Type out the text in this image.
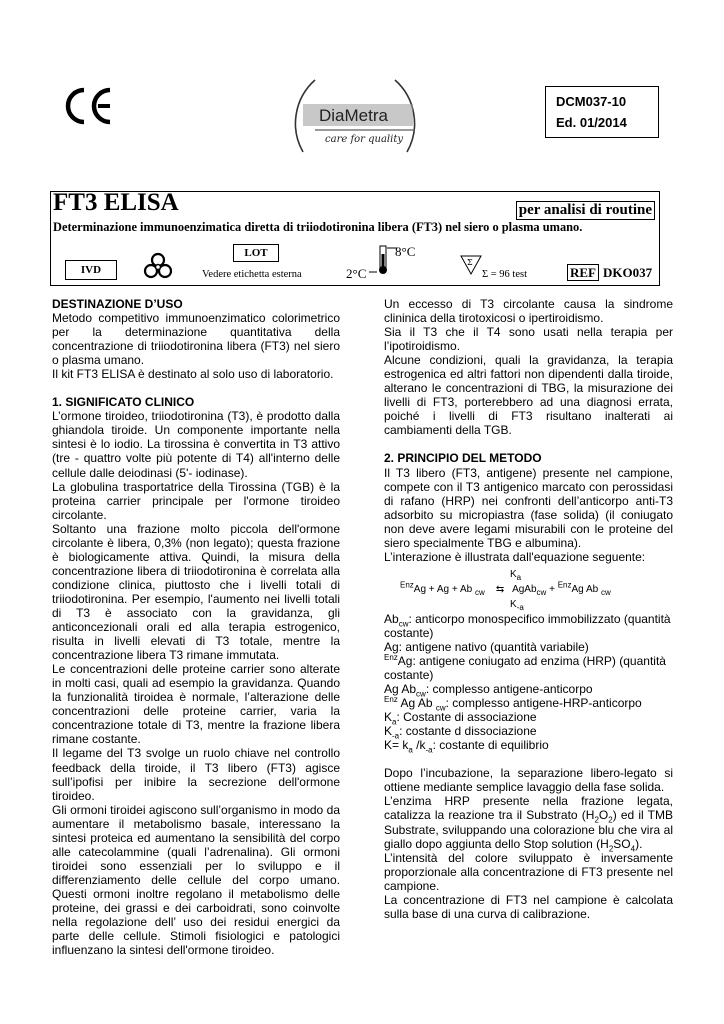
DiaMetra
care for quality
DCM037-10
Ed. 01/2014
FT3 ELISA	per analisi di routine
Determinazione immunoenzimatica diretta di triiodotironina libera (FT3) nel siero o plasma umano.
LOT
Vedere etichetta esterna
IVD
8°C
2°C
Σ
Σ = 96 test	REF DKO037

DESTINAZIONE D’USO

Metodo competitivo immunoenzimatico colorimetrico per la determinazione quantitativa della concentrazione di triiodotironina libera (FT3) nel siero o plasma umano.

Il kit FT3 ELISA è destinato al solo uso di laboratorio.

1. SIGNIFICATO CLINICO

L’ormone tiroideo, triiodotironina (T3), è prodotto dalla ghiandola tiroide. Un componente importante nella sintesi è lo iodio. La tirossina è convertita in T3 attivo (tre - quattro volte più potente di T4) all'interno delle cellule dalle deiodinasi (5'- iodinase).

La globulina trasportatrice della Tirossina (TGB) è la proteina carrier principale per l'ormone tiroideo circolante.

Soltanto una frazione molto piccola dell'ormone circolante è libera, 0,3% (non legato); questa frazione è biologicamente attiva. Quindi, la misura della concentrazione libera di triiodotironina è correlata alla condizione clinica, piuttosto che i livelli totali di triiodotironina. Per esempio, l'aumento nei livelli totali di T3 è associato con la gravidanza, gli anticoncezionali orali ed alla terapia estrogenico, risulta in livelli elevati di T3 totale, mentre la concentrazione libera T3 rimane immutata.

Le concentrazioni delle proteine carrier sono alterate in molti casi, quali ad esempio la gravidanza. Quando la funzionalità tiroidea è normale, l’alterazione delle concentrazioni delle proteine carrier, varia la concentrazione totale di T3, mentre la frazione libera rimane costante.

Il legame del T3 svolge un ruolo chiave nel controllo feedback della tiroide, il T3 libero (FT3) agisce sull’ipofisi per inibire la secrezione dell'ormone tiroideo.

Gli ormoni tiroidei agiscono sull’organismo in modo da aumentare il metabolismo basale, interessano la sintesi proteica ed aumentano la sensibilità del corpo alle catecolammine (quali l’adrenalina). Gli ormoni tiroidei sono essenziali per lo sviluppo e il differenziamento delle cellule del corpo umano. Questi ormoni inoltre regolano il metabolismo delle proteine, dei grassi e dei carboidrati, sono coinvolte nella regolazione dell’ uso dei residui energici da parte delle cellule. Stimoli fisiologici e patologici influenzano la sintesi dell'ormone tiroideo.

Un eccesso di T3 circolante causa la sindrome clininica della tirotoxicosi o ipertiroidismo.

Sia il T3 che il T4 sono usati nella terapia per l’ipotiroidismo.

Alcune condizioni, quali la gravidanza, la terapia estrogenica ed altri fattori non dipendenti dalla tiroide, alterano le concentrazioni di TBG, la misurazione dei livelli di FT3, porterebbero ad una diagnosi errata, poiché i livelli di FT3 risultano inalterati ai cambiamenti della TGB.

2. PRINCIPIO DEL METODO

Il T3 libero (FT3, antigene) presente nel campione, compete con il T3 antigenico marcato con perossidasi di rafano (HRP) nei confronti dell’anticorpo anti-T3 adsorbito su micropiastra (fase solida) (il coniugato non deve avere legami misurabili con le proteine del siero specialmente TBG e albumina).

L’interazione è illustrata dall'equazione seguente:

$K_a$
$^{Enz}$Ag + Ag + Ab $_{cw}$ ⇆ AgAb$_{cw}$ + $^{Enz}$Ag Ab $_{cw}$
$K_{-a}$

$Ab_{cw}$: anticorpo monospecifico immobilizzato (quantità costante)

Ag: antigene nativo (quantità variabile)

$^{Enz}$Ag: antigene coniugato ad enzima (HRP) (quantità costante)

Ag $Ab_{cw}$: complesso antigene-anticorpo

$^{Enz}$ Ag Ab $_{cw}$: complesso antigene-HRP-anticorpo

$K_a$: Costante di associazione

$K_{-a}$: costante d dissociazione

$K= k_a$ $/k_{-a}$: costante di equilibrio

Dopo l’incubazione, la separazione libero-legato si ottiene mediante semplice lavaggio della fase solida.

L’enzima HRP presente nella frazione legata, catalizza la reazione tra il Substrato $(H_2O_2)$ ed il TMB Substrate, sviluppando una colorazione blu che vira al giallo dopo aggiunta dello Stop solution $(H_2SO_4)$.

L’intensità del colore sviluppato è inversamente proporzionale alla concentrazione di FT3 presente nel campione.

La concentrazione di FT3 nel campione è calcolata sulla base di una curva di calibrazione.
